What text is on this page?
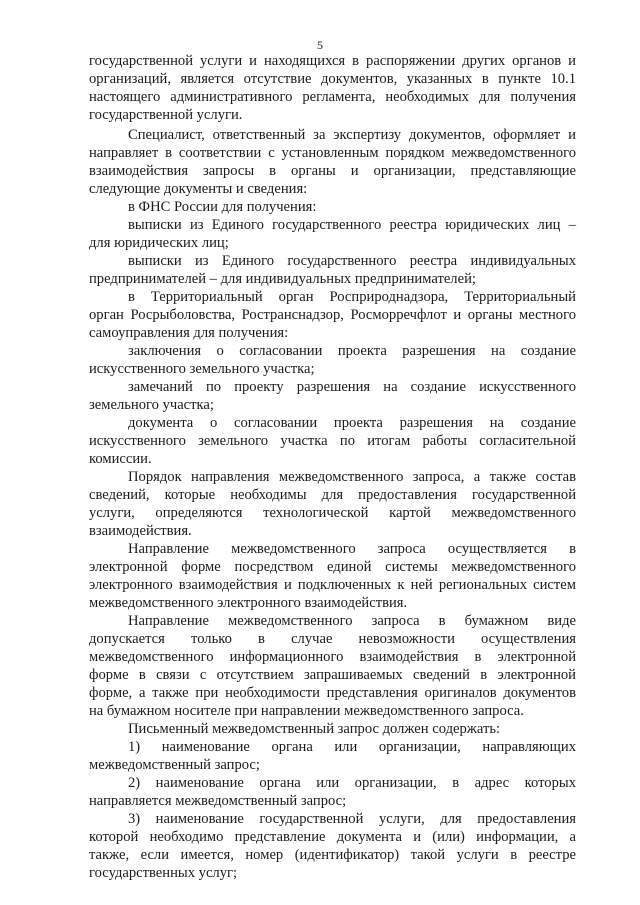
5
государственной услуги и находящихся в распоряжении других органов и
организаций, является отсутствие документов, указанных в пункте 10.1
настоящего административного регламента, необходимых для получения
государственной услуги.
Специалист, ответственный за экспертизу документов, оформляет и
направляет в соответствии с установленным порядком межведомственного
взаимодействия запросы в органы и организации, представляющие
следующие документы и сведения:
в ФНС России для получения:
выписки из Единого государственного реестра юридических лиц –
для юридических лиц;
выписки из Единого государственного реестра индивидуальных
предпринимателей – для индивидуальных предпринимателей;
в Территориальный орган Росприроднадзора, Территориальный
орган Росрыболовства, Ространснадзор, Росморречфлот и органы местного
самоуправления для получения:
заключения о согласовании проекта разрешения на создание
искусственного земельного участка;
замечаний по проекту разрешения на создание искусственного
земельного участка;
документа о согласовании проекта разрешения на создание
искусственного земельного участка по итогам работы согласительной
комиссии.
Порядок направления межведомственного запроса, а также состав
сведений, которые необходимы для предоставления государственной
услуги, определяются технологической картой межведомственного
взаимодействия.
Направление межведомственного запроса осуществляется в
электронной форме посредством единой системы межведомственного
электронного взаимодействия и подключенных к ней региональных систем
межведомственного электронного взаимодействия.
Направление межведомственного запроса в бумажном виде
допускается только в случае невозможности осуществления
межведомственного информационного взаимодействия в электронной
форме в связи с отсутствием запрашиваемых сведений в электронной
форме, а также при необходимости представления оригиналов документов
на бумажном носителе при направлении межведомственного запроса.
Письменный межведомственный запрос должен содержать:
1) наименование органа или организации, направляющих
межведомственный запрос;
2) наименование органа или организации, в адрес которых
направляется межведомственный запрос;
3) наименование государственной услуги, для предоставления
которой необходимо представление документа и (или) информации, а
также, если имеется, номер (идентификатор) такой услуги в реестре
государственных услуг;
